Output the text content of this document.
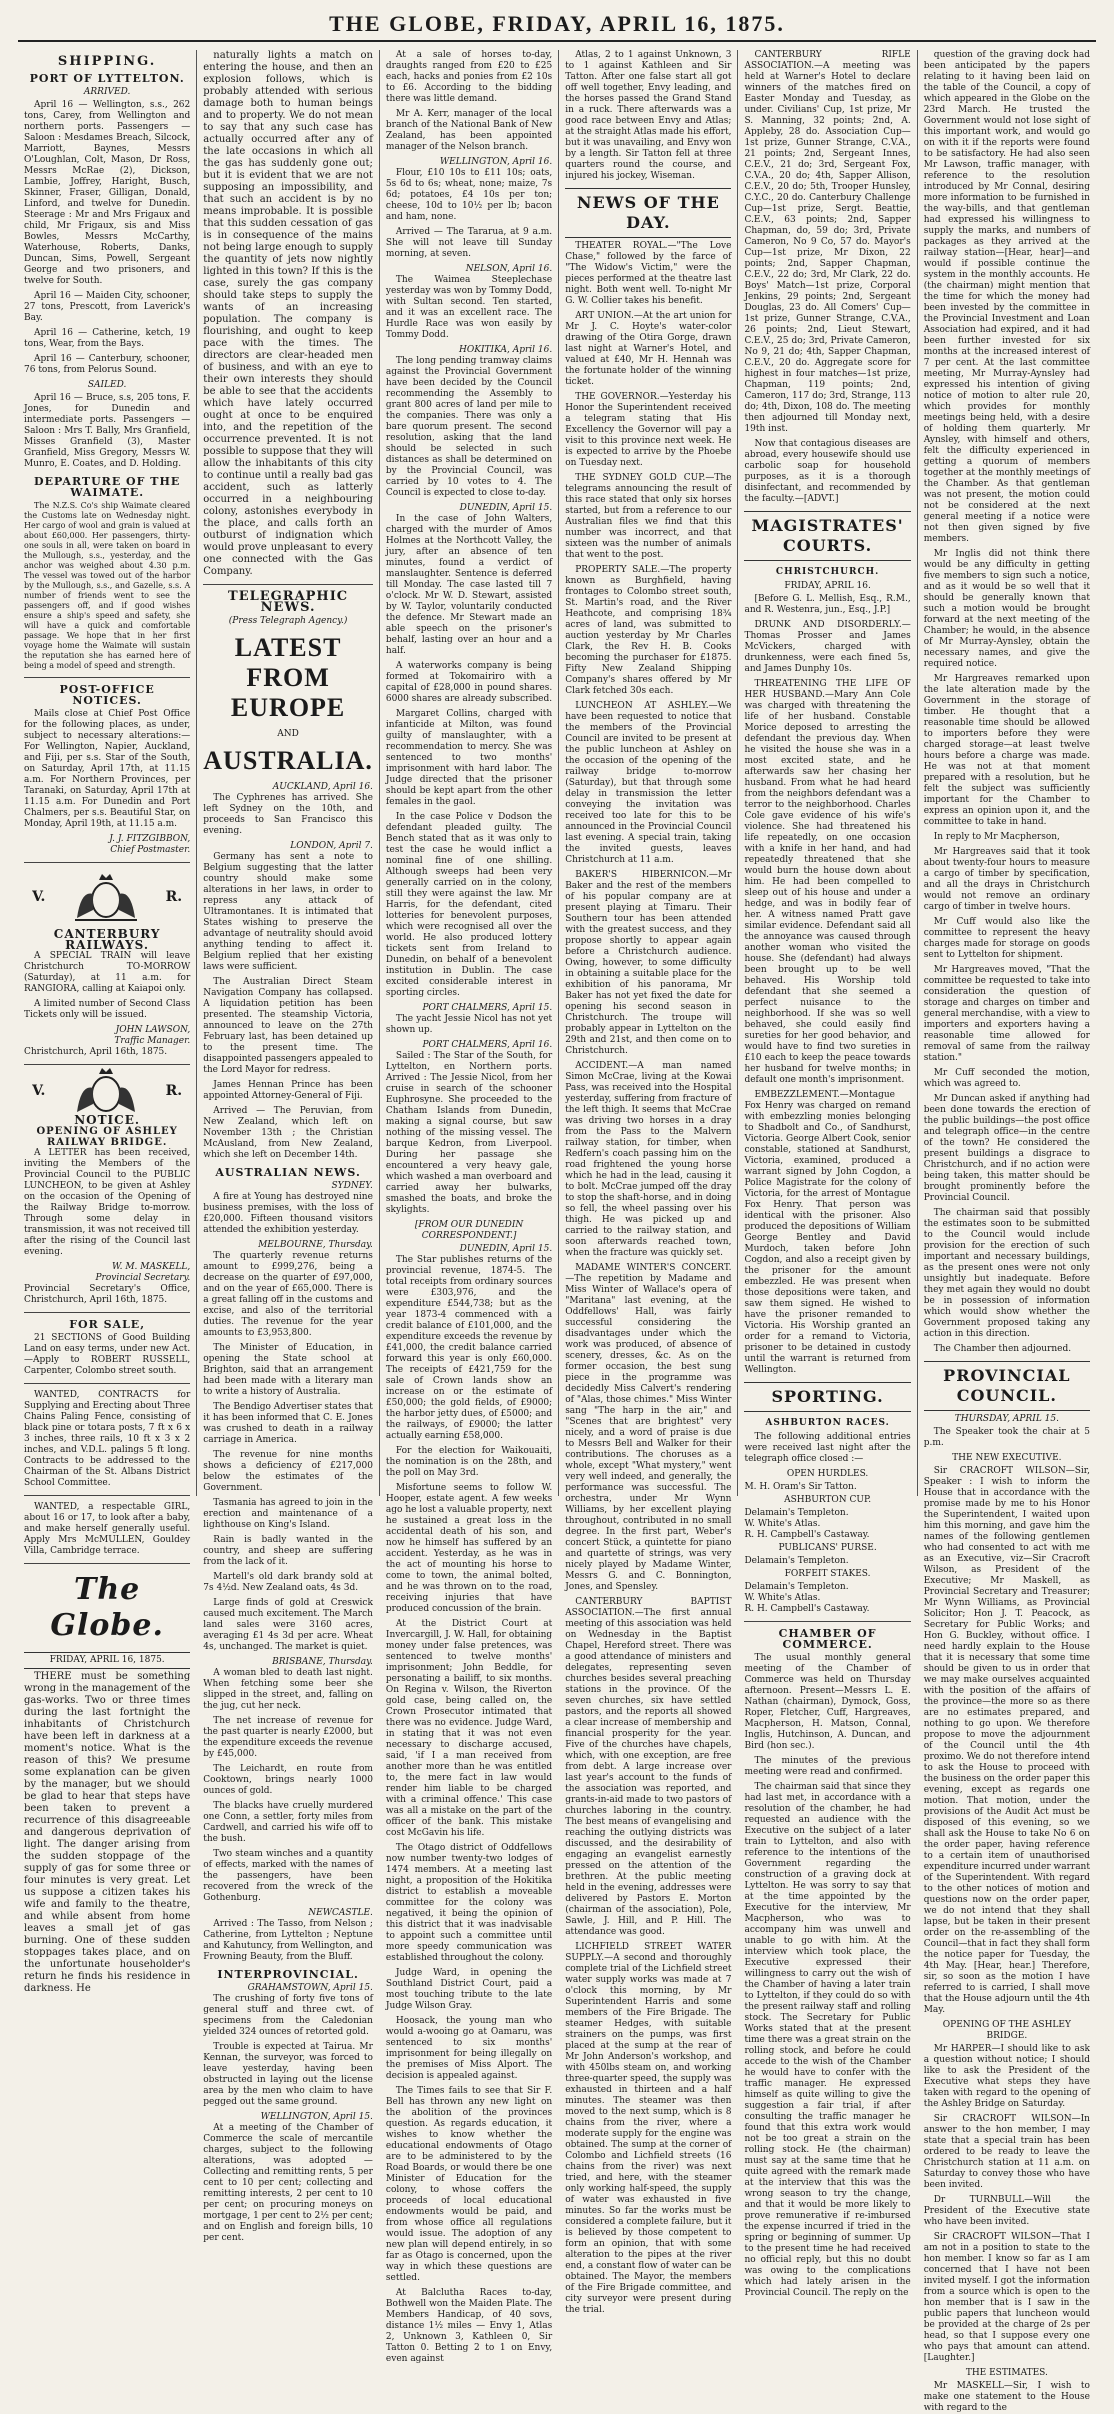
THE GLOBE, FRIDAY, APRIL 16, 1875.
SHIPPING.
PORT OF LYTTELTON.
ARRIVED.

April 16 — Wellington, s.s., 262 tons, Carey, from Wellington and northern ports. Passengers — Saloon : Mesdames Breach, Silcock, Marriott, Baynes, Messrs O'Loughlan, Colt, Mason, Dr Ross, Messrs McRae (2), Dickson, Lambie, Joffrey, Haright, Busch, Skinner, Fraser, Gilligan, Donald, Linford, and twelve for Dunedin. Steerage : Mr and Mrs Frigaux and child, Mr Frigaux, sis and Miss Bowles, Messrs McCarthy, Waterhouse, Roberts, Danks, Duncan, Sims, Powell, Sergeant George and two prisoners, and twelve for South.

April 16 — Maiden City, schooner, 27 tons, Prescott, from Laverick's Bay.

April 16 — Catherine, ketch, 19 tons, Wear, from the Bays.

April 16 — Canterbury, schooner, 76 tons, from Pelorus Sound.

SAILED.

April 16 — Bruce, s.s, 205 tons, F. Jones, for Dunedin and intermediate ports. Passengers — Saloon : Mrs T. Bally, Mrs Granfield, Misses Granfield (3), Master Granfield, Miss Gregory, Messrs W. Munro, E. Coates, and D. Holding.

DEPARTURE OF THE WAIMATE.

The N.Z.S. Co's ship Waimate cleared the Customs late on Wednesday night. Her cargo of wool and grain is valued at about £60,000. Her passengers, thirty-one souls in all, were taken on board in the Mullough, s.s., yesterday, and the anchor was weighed about 4.30 p.m. The vessel was towed out of the harbor by the Mullough, s.s., and Gazelle, s.s. A number of friends went to see the passengers off, and if good wishes ensure a ship's speed and safety, she will have a quick and comfortable passage. We hope that in her first voyage home the Waimate will sustain the reputation she has earned here of being a model of speed and strength.

POST-OFFICE NOTICES.

Mails close at Chief Post Office for the following places, as under, subject to necessary alterations:— For Wellington, Napier, Auckland, and Fiji, per s.s. Star of the South, on Saturday, April 17th, at 11.15 a.m. For Northern Provinces, per Taranaki, on Saturday, April 17th at 11.15 a.m. For Dunedin and Port Chalmers, per s.s. Beautiful Star, on Monday, April 19th, at 11.15 a.m.

J. J. FITZGIBBON,
Chief Postmaster.
V.	R.
CANTERBURY RAILWAYS.

A SPECIAL TRAIN will leave Christchurch TO-MORROW (Saturday), at 11 a.m. for RANGIORA, calling at Kaiapoi only.

A limited number of Second Class Tickets only will be issued.

JOHN LAWSON,
Traffic Manager.
Christchurch, April 16th, 1875.
V.	R.
NOTICE.
OPENING OF ASHLEY RAILWAY BRIDGE.

A LETTER has been received, inviting the Members of the Provincial Council to the PUBLIC LUNCHEON, to be given at Ashley on the occasion of the Opening of the Railway Bridge to-morrow. Through some delay in transmission, it was not received till after the rising of the Council last evening.

W. M. MASKELL,
Provincial Secretary.
Provincial Secretary's Office, Christchurch, April 16th, 1875.
FOR SALE,

21 SECTIONS of Good Building Land on easy terms, under new Act.—Apply to ROBERT RUSSELL, Carpenter, Colombo street south.

WANTED, CONTRACTS for Supplying and Erecting about Three Chains Paling Fence, consisting of black pine or totara posts, 7 ft x 6 x 3 inches, three rails, 10 ft x 3 x 2 inches, and V.D.L. palings 5 ft long. Contracts to be addressed to the Chairman of the St. Albans District School Committee.

WANTED, a respectable GIRL, about 16 or 17, to look after a baby, and make herself generally useful. Apply Mrs McMULLEN, Gouldey Villa, Cambridge terrace.

The Globe.
FRIDAY, APRIL 16, 1875.

THERE must be something wrong in the management of the gas-works. Two or three times during the last fortnight the inhabitants of Christchurch have been left in darkness at a moment's notice. What is the reason of this? We presume some explanation can be given by the manager, but we should be glad to hear that steps have been taken to prevent a recurrence of this disagreeable and dangerous deprivation of light. The danger arising from the sudden stoppage of the supply of gas for some three or four minutes is very great. Let us suppose a citizen takes his wife and family to the theatre, and while absent from home leaves a small jet of gas burning. One of these sudden stoppages takes place, and on the unfortunate householder's return he finds his residence in darkness. He

naturally lights a match on entering the house, and then an explosion follows, which is probably attended with serious damage both to human beings and to property. We do not mean to say that any such case has actually occurred after any of the late occasions in which all the gas has suddenly gone out; but it is evident that we are not supposing an impossibility, and that such an accident is by no means improbable. It is possible that this sudden cessation of gas is in consequence of the mains not being large enough to supply the quantity of jets now nightly lighted in this town? If this is the case, surely the gas company should take steps to supply the wants of an increasing population. The company is flourishing, and ought to keep pace with the times. The directors are clear-headed men of business, and with an eye to their own interests they should be able to see that the accidents which have lately occurred ought at once to be enquired into, and the repetition of the occurrence prevented. It is not possible to suppose that they will allow the inhabitants of this city to continue until a really bad gas accident, such as latterly occurred in a neighbouring colony, astonishes everybody in the place, and calls forth an outburst of indignation which would prove unpleasant to every one connected with the Gas Company.

TELEGRAPHIC NEWS.
(Press Telegraph Agency.)
LATEST FROM EUROPE
AND
AUSTRALIA.
AUCKLAND, April 16.

The Cyphrenes has arrived. She left Sydney on the 10th, and proceeds to San Francisco this evening.

LONDON, April 7.

Germany has sent a note to Belgium suggesting that the latter country should make some alterations in her laws, in order to repress any attack of Ultramontanes. It is intimated that States wishing to preserve the advantage of neutrality should avoid anything tending to affect it. Belgium replied that her existing laws were sufficient.

The Australian Direct Steam Navigation Company has collapsed. A liquidation petition has been presented. The steamship Victoria, announced to leave on the 27th February last, has been detained up to the present time. The disappointed passengers appealed to the Lord Mayor for redress.

James Hennan Prince has been appointed Attorney-General of Fiji.

Arrived — The Peruvian, from New Zealand, which left on November 13th ; the Christian McAusland, from New Zealand, which she left on December 14th.

AUSTRALIAN NEWS.
SYDNEY.

A fire at Young has destroyed nine business premises, with the loss of £20,000. Fifteen thousand visitors attended the exhibition yesterday.

MELBOURNE, Thursday.

The quarterly revenue returns amount to £999,276, being a decrease on the quarter of £97,000, and on the year of £65,000. There is a great falling off in the customs and excise, and also of the territorial duties. The revenue for the year amounts to £3,953,800.

The Minister of Education, in opening the State school at Brighton, said that an arrangement had been made with a literary man to write a history of Australia.

The Bendigo Advertiser states that it has been informed that C. E. Jones was crushed to death in a railway carriage in America.

The revenue for nine months shows a deficiency of £217,000 below the estimates of the Government.

Tasmania has agreed to join in the erection and maintenance of a lighthouse on King's Island.

Rain is badly wanted in the country, and sheep are suffering from the lack of it.

Martell's old dark brandy sold at 7s 4½d. New Zealand oats, 4s 3d.

Large finds of gold at Creswick caused much excitement. The March land sales were 3160 acres, averaging £1 4s 3d per acre. Wheat 4s, unchanged. The market is quiet.

BRISBANE, Thursday.

A woman bled to death last night. When fetching some beer she slipped in the street, and, falling on the jug, cut her neck.

The net increase of revenue for the past quarter is nearly £2000, but the expenditure exceeds the revenue by £45,000.

The Leichardt, en route from Cooktown, brings nearly 1000 ounces of gold.

The blacks have cruelly murdered one Conn, a settler, forty miles from Cardwell, and carried his wife off to the bush.

Two steam winches and a quantity of effects, marked with the names of the passengers, have been recovered from the wreck of the Gothenburg.

NEWCASTLE.

Arrived : The Tasso, from Nelson ; Catherine, from Lyttelton ; Neptune and Kahutuncy, from Wellington, and Frowning Beauty, from the Bluff.

INTERPROVINCIAL.
GRAHAMSTOWN, April 15.

The crushing of forty five tons of general stuff and three cwt. of specimens from the Caledonian yielded 324 ounces of retorted gold.

Trouble is expected at Tairua. Mr Kennan, the surveyor, was forced to leave yesterday, having been obstructed in laying out the license area by the men who claim to have pegged out the same ground.

WELLINGTON, April 15.

At a meeting of the Chamber of Commerce the scale of mercantile charges, subject to the following alterations, was adopted — Collecting and remitting rents, 5 per cent to 10 per cent; collecting and remitting interests, 2 per cent to 10 per cent; on procuring moneys on mortgage, 1 per cent to 2½ per cent; and on English and foreign bills, 10 per cent.

At a sale of horses to-day, draughts ranged from £20 to £25 each, hacks and ponies from £2 10s to £6. According to the bidding there was little demand.

Mr A. Kerr, manager of the local branch of the National Bank of New Zealand, has been appointed manager of the Nelson branch.

WELLINGTON, April 16.

Flour, £10 10s to £11 10s; oats, 5s 6d to 6s; wheat, none; maize, 7s 6d; potatoes, £4 10s per ton; cheese, 10d to 10½ per lb; bacon and ham, none.

Arrived — The Tararua, at 9 a.m. She will not leave till Sunday morning, at seven.

NELSON, April 16.

The Waimea Steeplechase yesterday was won by Tommy Dodd, with Sultan second. Ten started, and it was an excellent race. The Hurdle Race was won easily by Tommy Dodd.

HOKITIKA, April 16.

The long pending tramway claims against the Provincial Government have been decided by the Council recommending the Assembly to grant 800 acres of land per mile to the companies. There was only a bare quorum present. The second resolution, asking that the land should be selected in such distances as shall be determined on by the Provincial Council, was carried by 10 votes to 4. The Council is expected to close to-day.

DUNEDIN, April 15.

In the case of John Walters, charged with the murder of Amos Holmes at the Northcott Valley, the jury, after an absence of ten minutes, found a verdict of manslaughter. Sentence is deferred till Monday. The case lasted till 7 o'clock. Mr W. D. Stewart, assisted by W. Taylor, voluntarily conducted the defence. Mr Stewart made an able speech on the prisoner's behalf, lasting over an hour and a half.

A waterworks company is being formed at Tokomairiro with a capital of £28,000 in pound shares. 6000 shares are already subscribed.

Margaret Collins, charged with infanticide at Milton, was found guilty of manslaughter, with a recommendation to mercy. She was sentenced to two months' imprisonment with hard labor. The Judge directed that the prisoner should be kept apart from the other females in the gaol.

In the case Police v Dodson the defendant pleaded guilty. The Bench stated that as it was only to test the case he would inflict a nominal fine of one shilling. Although sweeps had been very generally carried on in the colony, still they were against the law. Mr Harris, for the defendant, cited lotteries for benevolent purposes, which were recognised all over the world. He also produced lottery tickets sent from Ireland to Dunedin, on behalf of a benevolent institution in Dublin. The case excited considerable interest in sporting circles.

PORT CHALMERS, April 15.

The yacht Jessie Nicol has not yet shown up.

PORT CHALMERS, April 16.

Sailed : The Star of the South, for Lyttelton, en Northern ports. Arrived : The Jessie Nicol, from her cruise in search of the schooner Euphrosyne. She proceeded to the Chatham Islands from Dunedin, making a signal course, but saw nothing of the missing vessel. The barque Kedron, from Liverpool. During her passage she encountered a very heavy gale, which washed a man overboard and carried away her bulwarks, smashed the boats, and broke the skylights.

[FROM OUR DUNEDIN CORRESPONDENT.]
DUNEDIN, April 15.

The Star publishes returns of the provincial revenue, 1874-5. The total receipts from ordinary sources were £303,976, and the expenditure £544,738; but as the year 1873-4 commenced with a credit balance of £101,000, and the expenditure exceeds the revenue by £41,000, the credit balance carried forward this year is only £60,000. The receipts of £421,759 for the sale of Crown lands show an increase on or the estimate of £50,000; the gold fields, of £9000; the harbor jetty dues, of £5000; and the railways, of £9000; the latter actually earning £58,000.

For the election for Waikouaiti, the nomination is on the 28th, and the poll on May 3rd.

Misfortune seems to follow W. Hooper, estate agent. A few weeks ago he lost a valuable property, next he sustained a great loss in the accidental death of his son, and now he himself has suffered by an accident. Yesterday, as he was in the act of mounting his horse to come to town, the animal bolted, and he was thrown on to the road, receiving injuries that have produced concussion of the brain.

At the District Court at Invercargill, J. W. Hall, for obtaining money under false pretences, was sentenced to twelve months' imprisonment; John Beddle, for personating a bailiff, to six months. On Regina v. Wilson, the Riverton gold case, being called on, the Crown Prosecutor intimated that there was no evidence. Judge Ward, in stating that it was not even necessary to discharge accused, said, 'if I a man received from another more than he was entitled to, the mere fact in law would render him liable to be charged with a criminal offence.' This case was all a mistake on the part of the officer of the bank. This mistake cost McGavin his life.

The Otago district of Oddfellows now number twenty-two lodges of 1474 members. At a meeting last night, a proposition of the Hokitika district to establish a moveable committee for the colony was negatived, it being the opinion of this district that it was inadvisable to appoint such a committee until more speedy communication was established throughout the colony.

Judge Ward, in opening the Southland District Court, paid a most touching tribute to the late Judge Wilson Gray.

Hoosack, the young man who would a-wooing go at Oamaru, was sentenced to six months' imprisonment for being illegally on the premises of Miss Alport. The decision is appealed against.

The Times fails to see that Sir F. Bell has thrown any new light on the abolition of the provinces question. As regards education, it wishes to know whether the educational endowments of Otago are to be administered to by the Road Boards, or would there be one Minister of Education for the colony, to whose coffers the proceeds of local educational endowments would be paid, and from whose office all regulations would issue. The adoption of any new plan will depend entirely, in so far as Otago is concerned, upon the way in which these questions are settled.

At Balclutha Races to-day, Bothwell won the Maiden Plate. The Members Handicap, of 40 sovs, distance 1½ miles — Envy 1, Atlas 2, Unknown 3, Kathleen 0, Sir Tatton 0. Betting 2 to 1 on Envy, even against

Atlas, 2 to 1 against Unknown, 3 to 1 against Kathleen and Sir Tatton. After one false start all got off well together, Envy leading, and the horses passed the Grand Stand in a ruck. There afterwards was a good race between Envy and Atlas; at the straight Atlas made his effort, but it was unavailing, and Envy won by a length. Sir Tatton fell at three quarters round the course, and injured his jockey, Wiseman.

NEWS OF THE DAY.

THEATER ROYAL.—"The Love Chase," followed by the farce of "The Widow's Victim," were the pieces performed at the theatre last night. Both went well. To-night Mr G. W. Collier takes his benefit.

ART UNION.—At the art union for Mr J. C. Hoyte's water-color drawing of the Otira Gorge, drawn last night at Warner's Hotel, and valued at £40, Mr H. Hennah was the fortunate holder of the winning ticket.

THE GOVERNOR.—Yesterday his Honor the Superintendent received a telegram stating that His Excellency the Governor will pay a visit to this province next week. He is expected to arrive by the Phoebe on Tuesday next.

THE SYDNEY GOLD CUP.—The telegrams announcing the result of this race stated that only six horses started, but from a reference to our Australian files we find that this number was incorrect, and that sixteen was the number of animals that went to the post.

PROPERTY SALE.—The property known as Burghfield, having frontages to Colombo street south, St. Martin's road, and the River Heathcote, and comprising 18¾ acres of land, was submitted to auction yesterday by Mr Charles Clark, the Rev H. B. Cooks becoming the purchaser for £1875. Fifty New Zealand Shipping Company's shares offered by Mr Clark fetched 30s each.

LUNCHEON AT ASHLEY.—We have been requested to notice that the members of the Provincial Council are invited to be present at the public luncheon at Ashley on the occasion of the opening of the railway bridge to-morrow (Saturday), but that through some delay in transmission the letter conveying the invitation was received too late for this to be announced in the Provincial Council last evening. A special train, taking the invited guests, leaves Christchurch at 11 a.m.

BAKER'S HIBERNICON.—Mr Baker and the rest of the members of his popular company are at present playing at Timaru. Their Southern tour has been attended with the greatest success, and they propose shortly to appear again before a Christchurch audience. Owing, however, to some difficulty in obtaining a suitable place for the exhibition of his panorama, Mr Baker has not yet fixed the date for opening his second season in Christchurch. The troupe will probably appear in Lyttelton on the 29th and 21st, and then come on to Christchurch.

ACCIDENT.—A man named Simon McCrae, living at the Kowai Pass, was received into the Hospital yesterday, suffering from fracture of the left thigh. It seems that McCrae was driving two horses in a dray from the Pass to the Malvern railway station, for timber, when Redfern's coach passing him on the road frightened the young horse which he had in the lead, causing it to bolt. McCrae jumped off the dray to stop the shaft-horse, and in doing so fell, the wheel passing over his thigh. He was picked up and carried to the railway station, and soon afterwards reached town, when the fracture was quickly set.

MADAME WINTER'S CONCERT.—The repetition by Madame and Miss Winter of Wallace's opera of "Maritana" last evening, at the Oddfellows' Hall, was fairly successful considering the disadvantages under which the work was produced, of absence of scenery, dresses, &c. As on the former occasion, the best sung piece in the programme was decidedly Miss Calvert's rendering of "Alas, those chimes." Miss Winter sang "The harp in the air," and "Scenes that are brightest" very nicely, and a word of praise is due to Messrs Bell and Walker for their contributions. The choruses as a whole, except "What mystery," went very well indeed, and generally, the performance was successful. The orchestra, under Mr Wynn Williams, by her excellent playing throughout, contributed in no small degree. In the first part, Weber's concert Stück, a quintette for piano and quartette of strings, was very nicely played by Madame Winter, Messrs G. and C. Bonnington, Jones, and Spensley.

CANTERBURY BAPTIST ASSOCIATION.—The first annual meeting of this association was held on Wednesday in the Baptist Chapel, Hereford street. There was a good attendance of ministers and delegates, representing seven churches besides several preaching stations in the province. Of the seven churches, six have settled pastors, and the reports all showed a clear increase of membership and financial prosperity for the year. Five of the churches have chapels, which, with one exception, are free from debt. A large increase over last year's account to the funds of the association was reported, and grants-in-aid made to two pastors of churches laboring in the country. The best means of evangelising and reaching the outlying districts was discussed, and the desirability of engaging an evangelist earnestly pressed on the attention of the brethren. At the public meeting held in the evening, addresses were delivered by Pastors E. Morton (chairman of the association), Pole, Sawle, J. Hill, and P. Hill. The attendance was good.

LICHFIELD STREET WATER SUPPLY.—A second and thoroughly complete trial of the Lichfield street water supply works was made at 7 o'clock this morning, by Mr Superintendent Harris and some members of the Fire Brigade. The steamer Hedges, with suitable strainers on the pumps, was first placed at the sump at the rear of Mr John Anderson's workshop, and with 450lbs steam on, and working three-quarter speed, the supply was exhausted in thirteen and a half minutes. The steamer was then moved to the next sump, which is 8 chains from the river, where a moderate supply for the engine was obtained. The sump at the corner of Colombo and Lichfield streets (16 chains from the river) was next tried, and here, with the steamer only working half-speed, the supply of water was exhausted in five minutes. So far the works must be considered a complete failure, but it is believed by those competent to form an opinion, that with some alteration to the pipes at the river end, a constant flow of water can be obtained. The Mayor, the members of the Fire Brigade committee, and city surveyor were present during the trial.

CANTERBURY RIFLE ASSOCIATION.—A meeting was held at Warner's Hotel to declare winners of the matches fired on Easter Monday and Tuesday, as under. Civilians' Cup, 1st prize, Mr S. Manning, 32 points; 2nd, A. Appleby, 28 do. Association Cup—1st prize, Gunner Strange, C.V.A., 21 points; 2nd, Sergeant Innes, C.E.V., 21 do; 3rd, Sergeant Fox, C.V.A., 20 do; 4th, Sapper Allison, C.E.V., 20 do; 5th, Trooper Hunsley, C.Y.C., 20 do. Canterbury Challenge Cup—1st prize, Sergt. Beattie, C.E.V., 63 points; 2nd, Sapper Chapman, do, 59 do; 3rd, Private Cameron, No 9 Co, 57 do. Mayor's Cup—1st prize, Mr Dixon, 22 points; 2nd, Sapper Chapman, C.E.V., 22 do; 3rd, Mr Clark, 22 do. Boys' Match—1st prize, Corporal Jenkins, 29 points; 2nd, Sergeant Douglas, 23 do. All Comers' Cup—1st prize, Gunner Strange, C.V.A., 26 points; 2nd, Lieut Stewart, C.E.V., 25 do; 3rd, Private Cameron, No 9, 21 do; 4th, Sapper Chapman, C.E.V., 20 do. Aggregate score for highest in four matches—1st prize, Chapman, 119 points; 2nd, Cameron, 117 do; 3rd, Strange, 113 do; 4th, Dixon, 108 do. The meeting then adjourned till Monday next, 19th inst.

Now that contagious diseases are abroad, every housewife should use carbolic soap for household purposes, as it is a thorough disinfectant, and recommended by the faculty.—[ADVT.]

MAGISTRATES' COURTS.
CHRISTCHURCH.
FRIDAY, APRIL 16.

[Before G. L. Mellish, Esq., R.M., and R. Westenra, jun., Esq., J.P.]

DRUNK AND DISORDERLY.—Thomas Prosser and James McVickers, charged with drunkenness, were each fined 5s, and James Dunphy 10s.

THREATENING THE LIFE OF HER HUSBAND.—Mary Ann Cole was charged with threatening the life of her husband. Constable Morice deposed to arresting the defendant the previous day. When he visited the house she was in a most excited state, and he afterwards saw her chasing her husband. From what he had heard from the neighbors defendant was a terror to the neighborhood. Charles Cole gave evidence of his wife's violence. She had threatened his life repeatedly, on one occasion with a knife in her hand, and had repeatedly threatened that she would burn the house down about him. He had been compelled to sleep out of his house and under a hedge, and was in bodily fear of her. A witness named Pratt gave similar evidence. Defendant said all the annoyance was caused through another woman who visited the house. She (defendant) had always been brought up to be well behaved. His Worship told defendant that she seemed a perfect nuisance to the neighborhood. If she was so well behaved, she could easily find sureties for her good behavior, and would have to find two sureties in £10 each to keep the peace towards her husband for twelve months; in default one month's imprisonment.

EMBEZZLEMENT.—Montague Fox Henry was charged on remand with embezzling monies belonging to Shadbolt and Co., of Sandhurst, Victoria. George Albert Cook, senior constable, stationed at Sandhurst, Victoria, examined, produced a warrant signed by John Cogdon, a Police Magistrate for the colony of Victoria, for the arrest of Montague Fox Henry. That person was identical with the prisoner. Also produced the depositions of William George Bentley and David Murdoch, taken before John Cogdon, and also a receipt given by the prisoner for the amount embezzled. He was present when those depositions were taken, and saw them signed. He wished to have the prisoner remanded to Victoria. His Worship granted an order for a remand to Victoria, prisoner to be detained in custody until the warrant is returned from Wellington.

SPORTING.
ASHBURTON RACES.

The following additional entries were received last night after the telegraph office closed :—

OPEN HURDLES.
M. H. Oram's Sir Tatton.
ASHBURTON CUP.
Delamain's Templeton.
W. White's Atlas.
R. H. Campbell's Castaway.
PUBLICANS' PURSE.
Delamain's Templeton.
FORFEIT STAKES.
Delamain's Templeton.
W. White's Atlas.
R. H. Campbell's Castaway.
CHAMBER OF COMMERCE.

The usual monthly general meeting of the Chamber of Commerce was held on Thursday afternoon. Present—Messrs L. E. Nathan (chairman), Dymock, Goss, Roper, Fletcher, Cuff, Hargreaves, Macpherson, H. Matson, Connal, Inglis, Hutchinson, A. Duncan, and Bird (hon sec.).

The minutes of the previous meeting were read and confirmed.

The chairman said that since they had last met, in accordance with a resolution of the chamber, he had requested an audience with the Executive on the subject of a later train to Lyttelton, and also with reference to the intentions of the Government regarding the construction of a graving dock at Lyttelton. He was sorry to say that at the time appointed by the Executive for the interview, Mr Macpherson, who was to accompany him was unwell and unable to go with him. At the interview which took place, the Executive expressed their willingness to carry out the wish of the Chamber of having a later train to Lyttelton, if they could do so with the present railway staff and rolling stock. The Secretary for Public Works stated that at the present time there was a great strain on the rolling stock, and before he could accede to the wish of the Chamber he would have to confer with the traffic manager. He expressed himself as quite willing to give the suggestion a fair trial, if after consulting the traffic manager he found that this extra work would not be too great a strain on the rolling stock. He (the chairman) must say at the same time that he quite agreed with the remark made at the interview that this was the wrong season to try the change, and that it would be more likely to prove remunerative if re-imbursed the expense incurred if tried in the spring or beginning of summer. Up to the present time he had received no official reply, but this no doubt was owing to the complications which had lately arisen in the Provincial Council. The reply on the

question of the graving dock had been anticipated by the papers relating to it having been laid on the table of the Council, a copy of which appeared in the Globe on the 23rd March. He trusted the Government would not lose sight of this important work, and would go on with it if the reports were found to be satisfactory. He had also seen Mr Lawson, traffic manager, with reference to the resolution introduced by Mr Connal, desiring more information to be furnished in the way-bills, and that gentleman had expressed his willingness to supply the marks, and numbers of packages as they arrived at the railway station—[Hear, hear]—and would if possible continue the system in the monthly accounts. He (the chairman) might mention that the time for which the money had been invested by the committee in the Provincial Investment and Loan Association had expired, and it had been further invested for six months at the increased interest of 7 per cent. At the last committee meeting, Mr Murray-Aynsley had expressed his intention of giving notice of motion to alter rule 20, which provides for monthly meetings being held, with a desire of holding them quarterly. Mr Aynsley, with himself and others, felt the difficulty experienced in getting a quorum of members together at the monthly meetings of the Chamber. As that gentleman was not present, the motion could not be considered at the next general meeting if a notice were not then given signed by five members.

Mr Inglis did not think there would be any difficulty in getting five members to sign such a notice, and as it would be so well that it should be generally known that such a motion would be brought forward at the next meeting of the Chamber; he would, in the absence of Mr Murray-Aynsley, obtain the necessary names, and give the required notice.

Mr Hargreaves remarked upon the late alteration made by the Government in the storage of timber. He thought that a reasonable time should be allowed to importers before they were charged storage—at least twelve hours before a charge was made. He was not at that moment prepared with a resolution, but he felt the subject was sufficiently important for the Chamber to express an opinion upon it, and the committee to take in hand.

In reply to Mr Macpherson,

Mr Hargreaves said that it took about twenty-four hours to measure a cargo of timber by specification, and all the drays in Christchurch would not remove an ordinary cargo of timber in twelve hours.

Mr Cuff would also like the committee to represent the heavy charges made for storage on goods sent to Lyttelton for shipment.

Mr Hargreaves moved, "That the committee be requested to take into consideration the question of storage and charges on timber and general merchandise, with a view to importers and exporters having a reasonable time allowed for removal of same from the railway station."

Mr Cuff seconded the motion, which was agreed to.

Mr Duncan asked if anything had been done towards the erection of the public buildings—the post office and telegraph office—in the centre of the town? He considered the present buildings a disgrace to Christchurch, and if no action were being taken, this matter should be brought prominently before the Provincial Council.

The chairman said that possibly the estimates soon to be submitted to the Council would include provision for the erection of such important and necessary buildings, as the present ones were not only unsightly but inadequate. Before they met again they would no doubt be in possession of information which would show whether the Government proposed taking any action in this direction.

The Chamber then adjourned.

PROVINCIAL COUNCIL.
THURSDAY, APRIL 15.

The Speaker took the chair at 5 p.m.

THE NEW EXECUTIVE.

Sir CRACROFT WILSON—Sir, Speaker : I wish to inform the House that in accordance with the promise made by me to his Honor the Superintendent, I waited upon him this morning, and gave him the names of the following gentlemen who had consented to act with me as an Executive, viz—Sir Cracroft Wilson, as President of the Executive; Mr Maskell, as Provincial Secretary and Treasurer; Mr Wynn Williams, as Provincial Solicitor; Hon J. T. Peacock, as Secretary for Public Works; and Hon G. Buckley, without office. I need hardly explain to the House that it is necessary that some time should be given to us in order that we may make ourselves acquainted with the position of the affairs of the province—the more so as there are no estimates prepared, and nothing to go upon. We therefore propose to move the adjournment of the Council until the 4th proximo. We do not therefore intend to ask the House to proceed with the business on the order paper this evening, except as regards one motion. That motion, under the provisions of the Audit Act must be disposed of this evening, so we shall ask the House to take No 6 on the order paper, having reference to a certain item of unauthorised expenditure incurred under warrant of the Superintendent. With regard to the other notices of motion and questions now on the order paper, we do not intend that they shall lapse, but be taken in their present order on the re-assembling of the Council—that in fact they shall form the notice paper for Tuesday, the 4th May. [Hear, hear.] Therefore, sir, so soon as the motion I have referred to is carried, I shall move that the House adjourn until the 4th May.

OPENING OF THE ASHLEY BRIDGE.

Mr HARPER—I should like to ask a question without notice; I should like to ask the President of the Executive what steps they have taken with regard to the opening of the Ashley Bridge on Saturday.

Sir CRACROFT WILSON—In answer to the hon member, I may state that a special train has been ordered to be ready to leave the Christchurch station at 11 a.m. on Saturday to convey those who have been invited.

Dr TURNBULL—Will the President of the Executive state who have been invited.

Sir CRACROFT WILSON—That I am not in a position to state to the hon member. I know so far as I am concerned that I have not been invited myself. I got the information from a source which is open to the hon member that is I saw in the public papers that luncheon would be provided at the charge of 2s per head, so that I suppose every one who pays that amount can attend. [Laughter.]

THE ESTIMATES.

Mr MASKELL—Sir, I wish to make one statement to the House with regard to the
